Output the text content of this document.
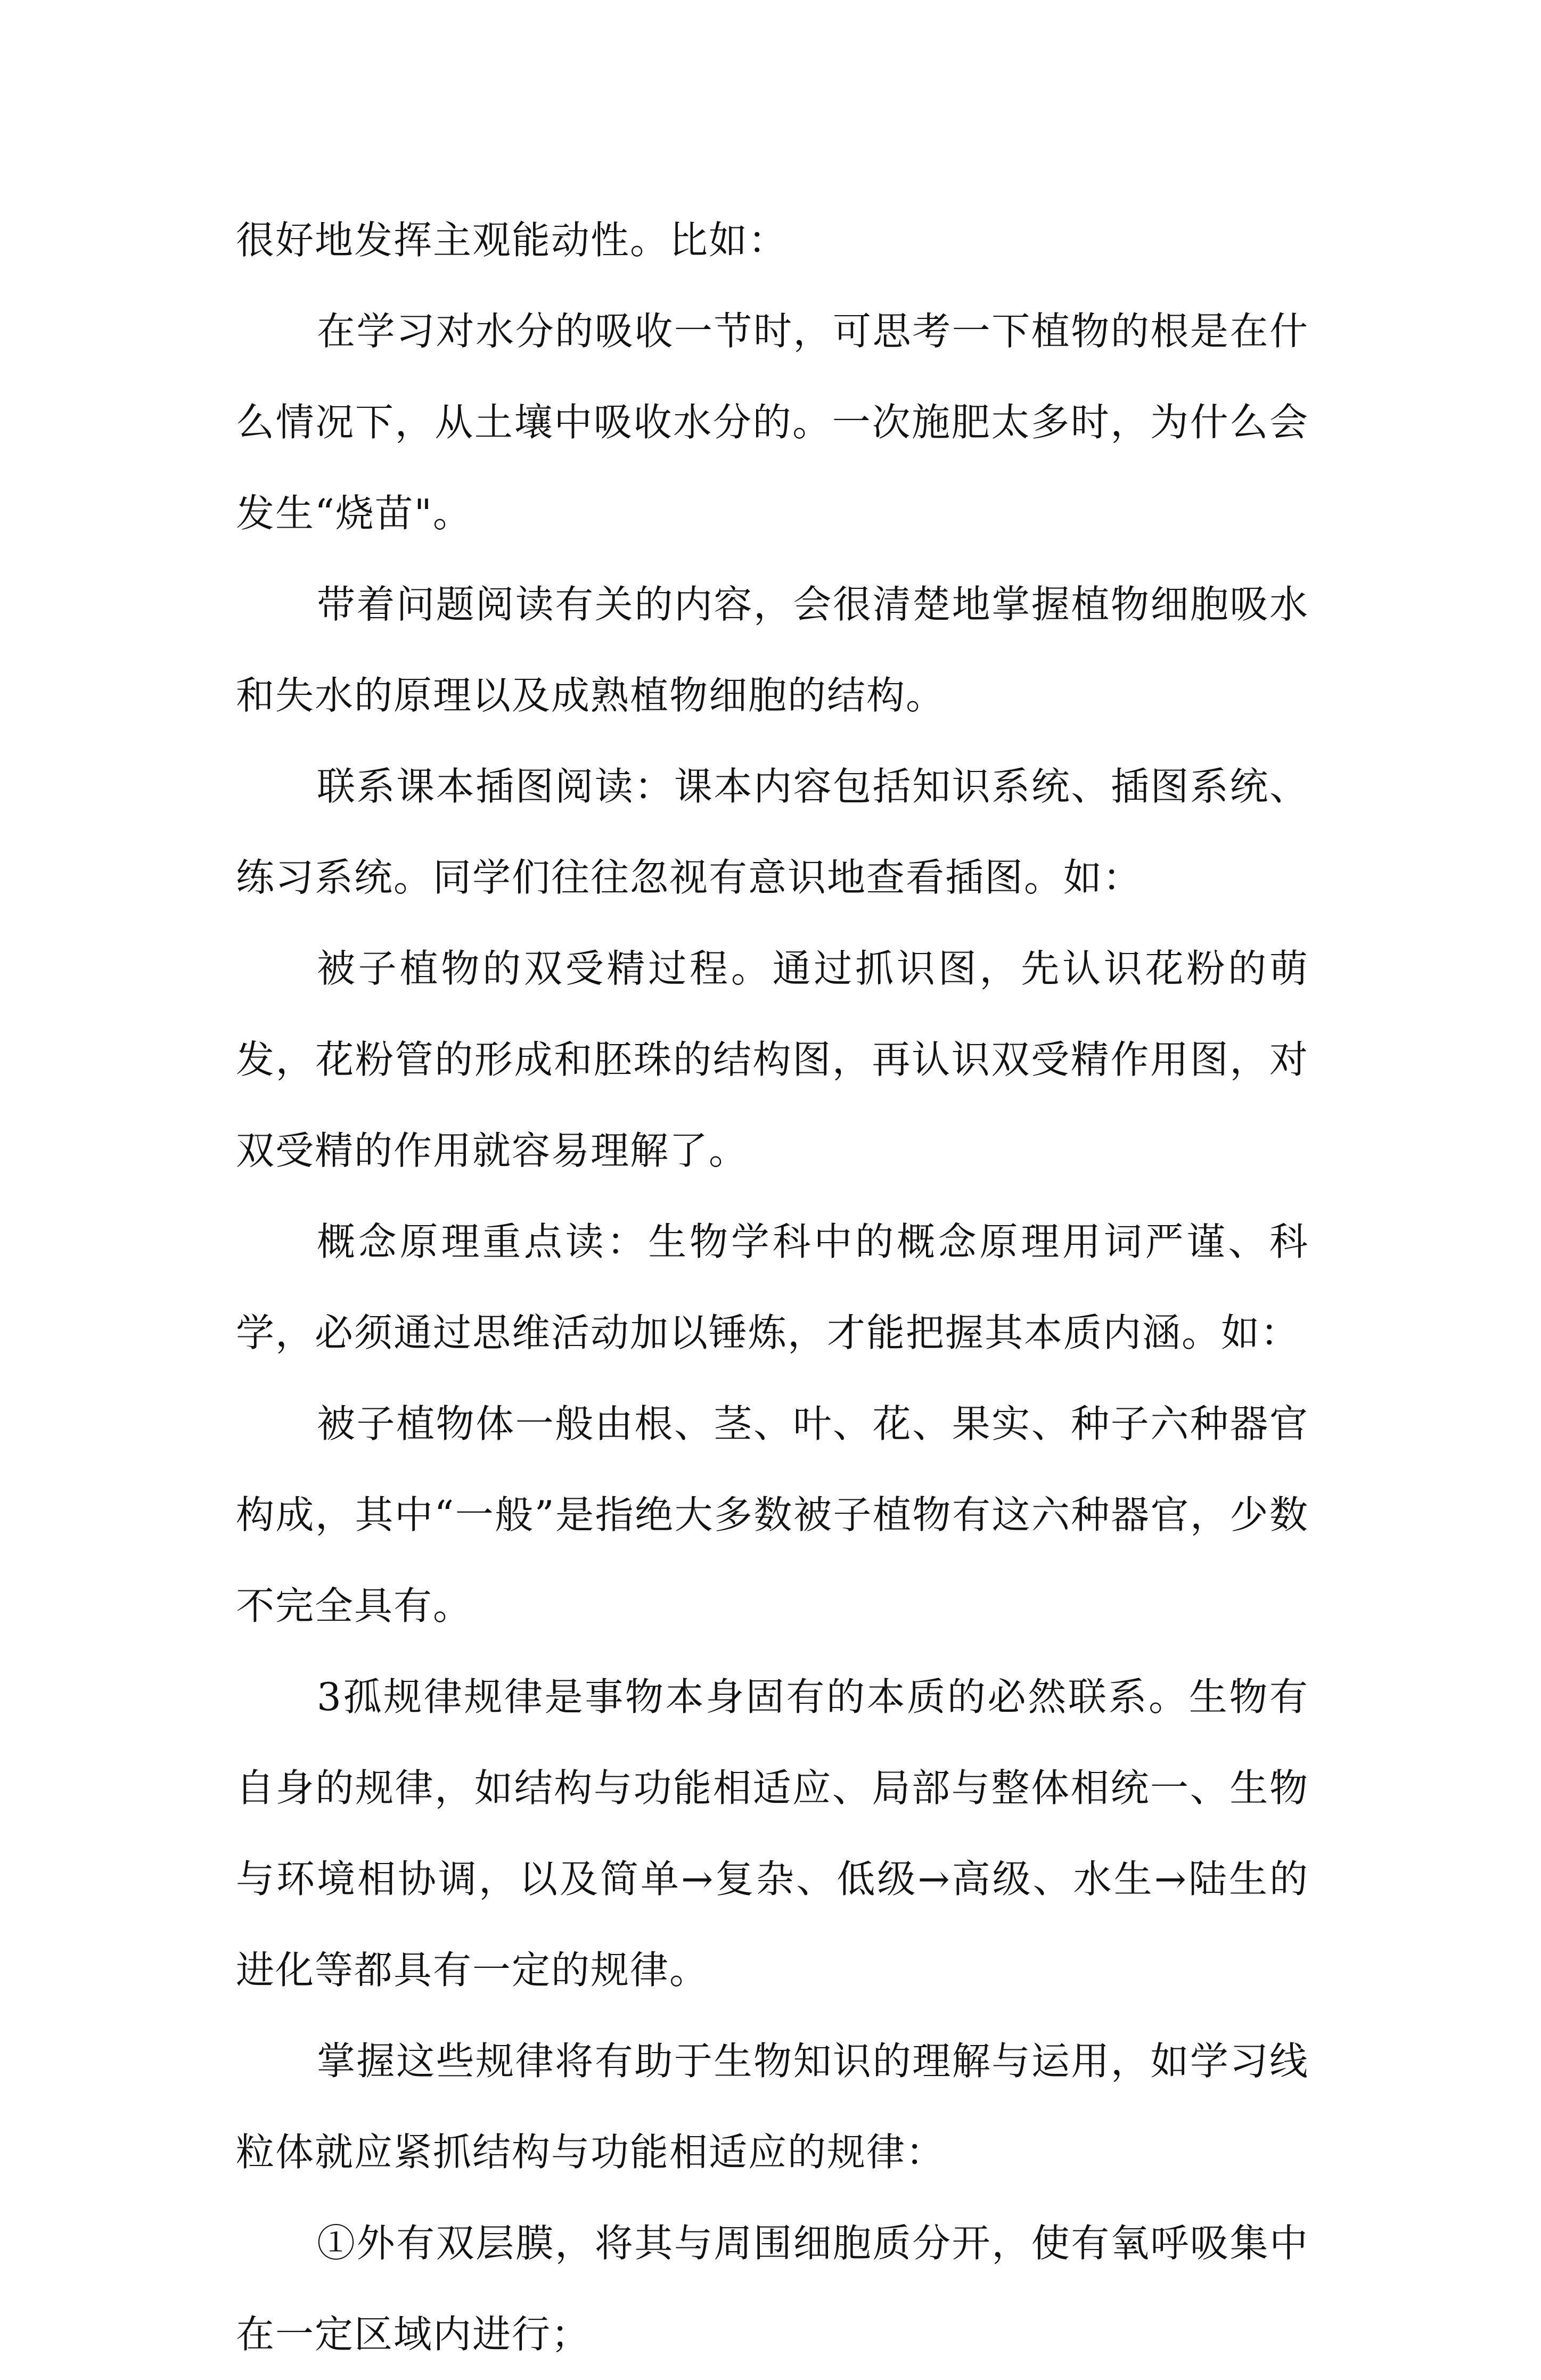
很好地发挥主观能动性。比如：

在学习对水分的吸收一节时，可思考一下植物的根是在什么情况下，从土壤中吸收水分的。一次施肥太多时，为什么会发生“烧苗"。

带着问题阅读有关的内容，会很清楚地掌握植物细胞吸水和失水的原理以及成熟植物细胞的结构。

联系课本插图阅读：课本内容包括知识系统、插图系统、练习系统。同学们往往忽视有意识地查看插图。如：

被子植物的双受精过程。通过抓识图，先认识花粉的萌发，花粉管的形成和胚珠的结构图，再认识双受精作用图，对双受精的作用就容易理解了。

概念原理重点读：生物学科中的概念原理用词严谨、科学，必须通过思维活动加以锤炼，才能把握其本质内涵。如：

被子植物体一般由根、茎、叶、花、果实、种子六种器官构成，其中“一般”是指绝大多数被子植物有这六种器官，少数不完全具有。

3孤规律规律是事物本身固有的本质的必然联系。生物有自身的规律，如结构与功能相适应、局部与整体相统一、生物与环境相协调，以及简单→复杂、低级→高级、水生→陆生的进化等都具有一定的规律。

掌握这些规律将有助于生物知识的理解与运用，如学习线粒体就应紧抓结构与功能相适应的规律：

①外有双层膜，将其与周围细胞质分开，使有氧呼吸集中在一定区域内进行；
